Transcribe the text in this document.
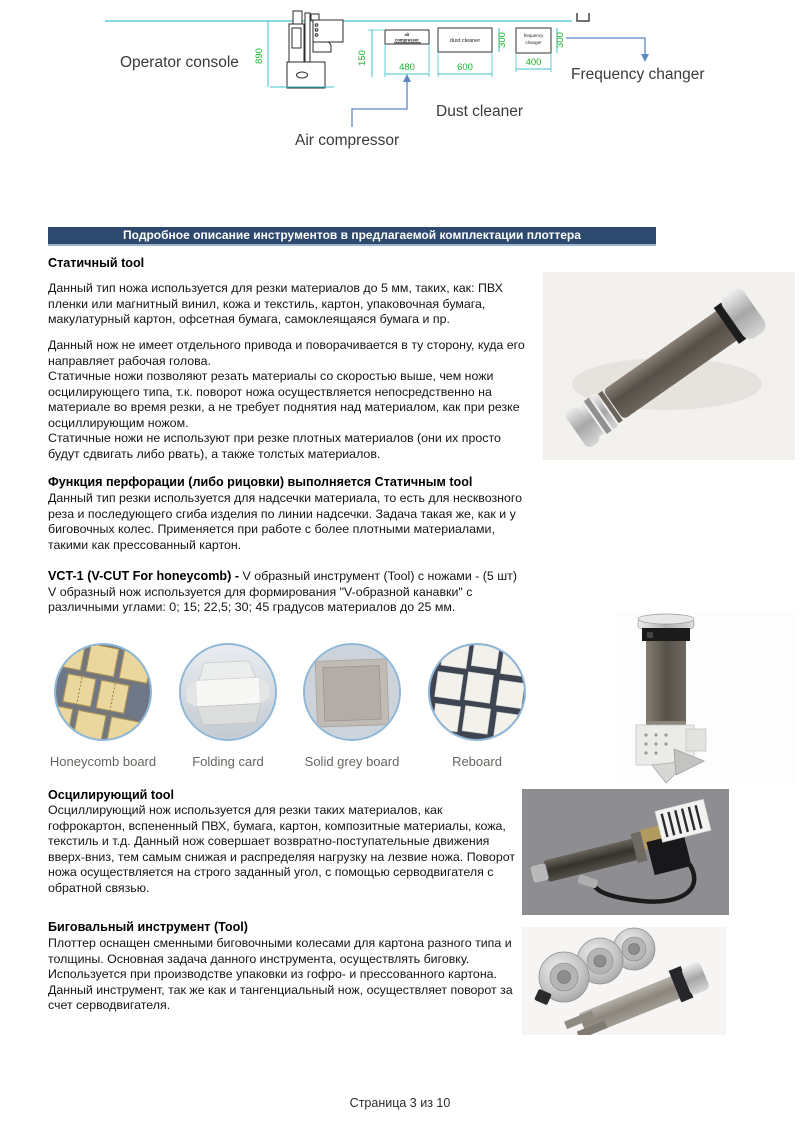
890
air
compressor
150
480
dust cleaner 300
600
frequency
changer 300
400
Operator console
Frequency changer
Dust cleaner
Air compressor
Подробное описание инструментов в предлагаемой комплектации плоттера
Статичный tool
Данный тип ножа используется для резки материалов до 5 мм, таких, как: ПВХ пленки или магнитный винил, кожа и текстиль, картон, упаковочная бумага, макулатурный картон, офсетная бумага, самоклеящаяся бумага и пр.
Данный нож не имеет отдельного привода и поворачивается в ту сторону, куда его направляет рабочая голова.
Статичные ножи позволяют резать материалы со скоростью выше, чем ножи осцилирующего типа, т.к. поворот ножа осуществляется непосредственно на материале во время резки, а не требует поднятия над материалом, как при резке осциллирующим ножом.
Статичные ножи не используют при резке плотных материалов (они их просто будут сдвигать либо рвать), а также толстых материалов.
Функция перфорации (либо рицовки) выполняется Статичным tool
Данный тип резки используется для надсечки материала, то есть для несквозного реза и последующего сгиба изделия по линии надсечки. Задача такая же, как и у биговочных колес. Применяется при работе с более плотными материалами, такими как прессованный картон.
VCT-1 (V-CUT For honeycomb) - V образный инструмент (Tool) с ножами - (5 шт)
V образный нож используется для формирования "V-образной канавки" с различными углами: 0; 15; 22,5; 30; 45 градусов материалов до 25 мм.
Honeycomb board	Folding card	Solid grey board	Reboard
Осцилирующий tool
Осциллирующий нож используется для резки таких материалов, как гофрокартон, вспененный ПВХ, бумага, картон, композитные материалы, кожа, текстиль и т.д. Данный нож совершает возвратно-поступательные движения вверх-вниз, тем самым снижая и распределяя нагрузку на лезвие ножа. Поворот ножа осуществляется на строго заданный угол, с помощью серводвигателя с обратной связью.
Биговальный инструмент (Tool)
Плоттер оснащен сменными биговочными колесами для картона разного типа и толщины. Основная задача данного инструмента, осуществлять биговку. Используется при производстве упаковки из гофро- и прессованного картона. Данный инструмент, так же как и тангенциальный нож, осуществляет поворот за счет серводвигателя.
Страница 3 из 10
